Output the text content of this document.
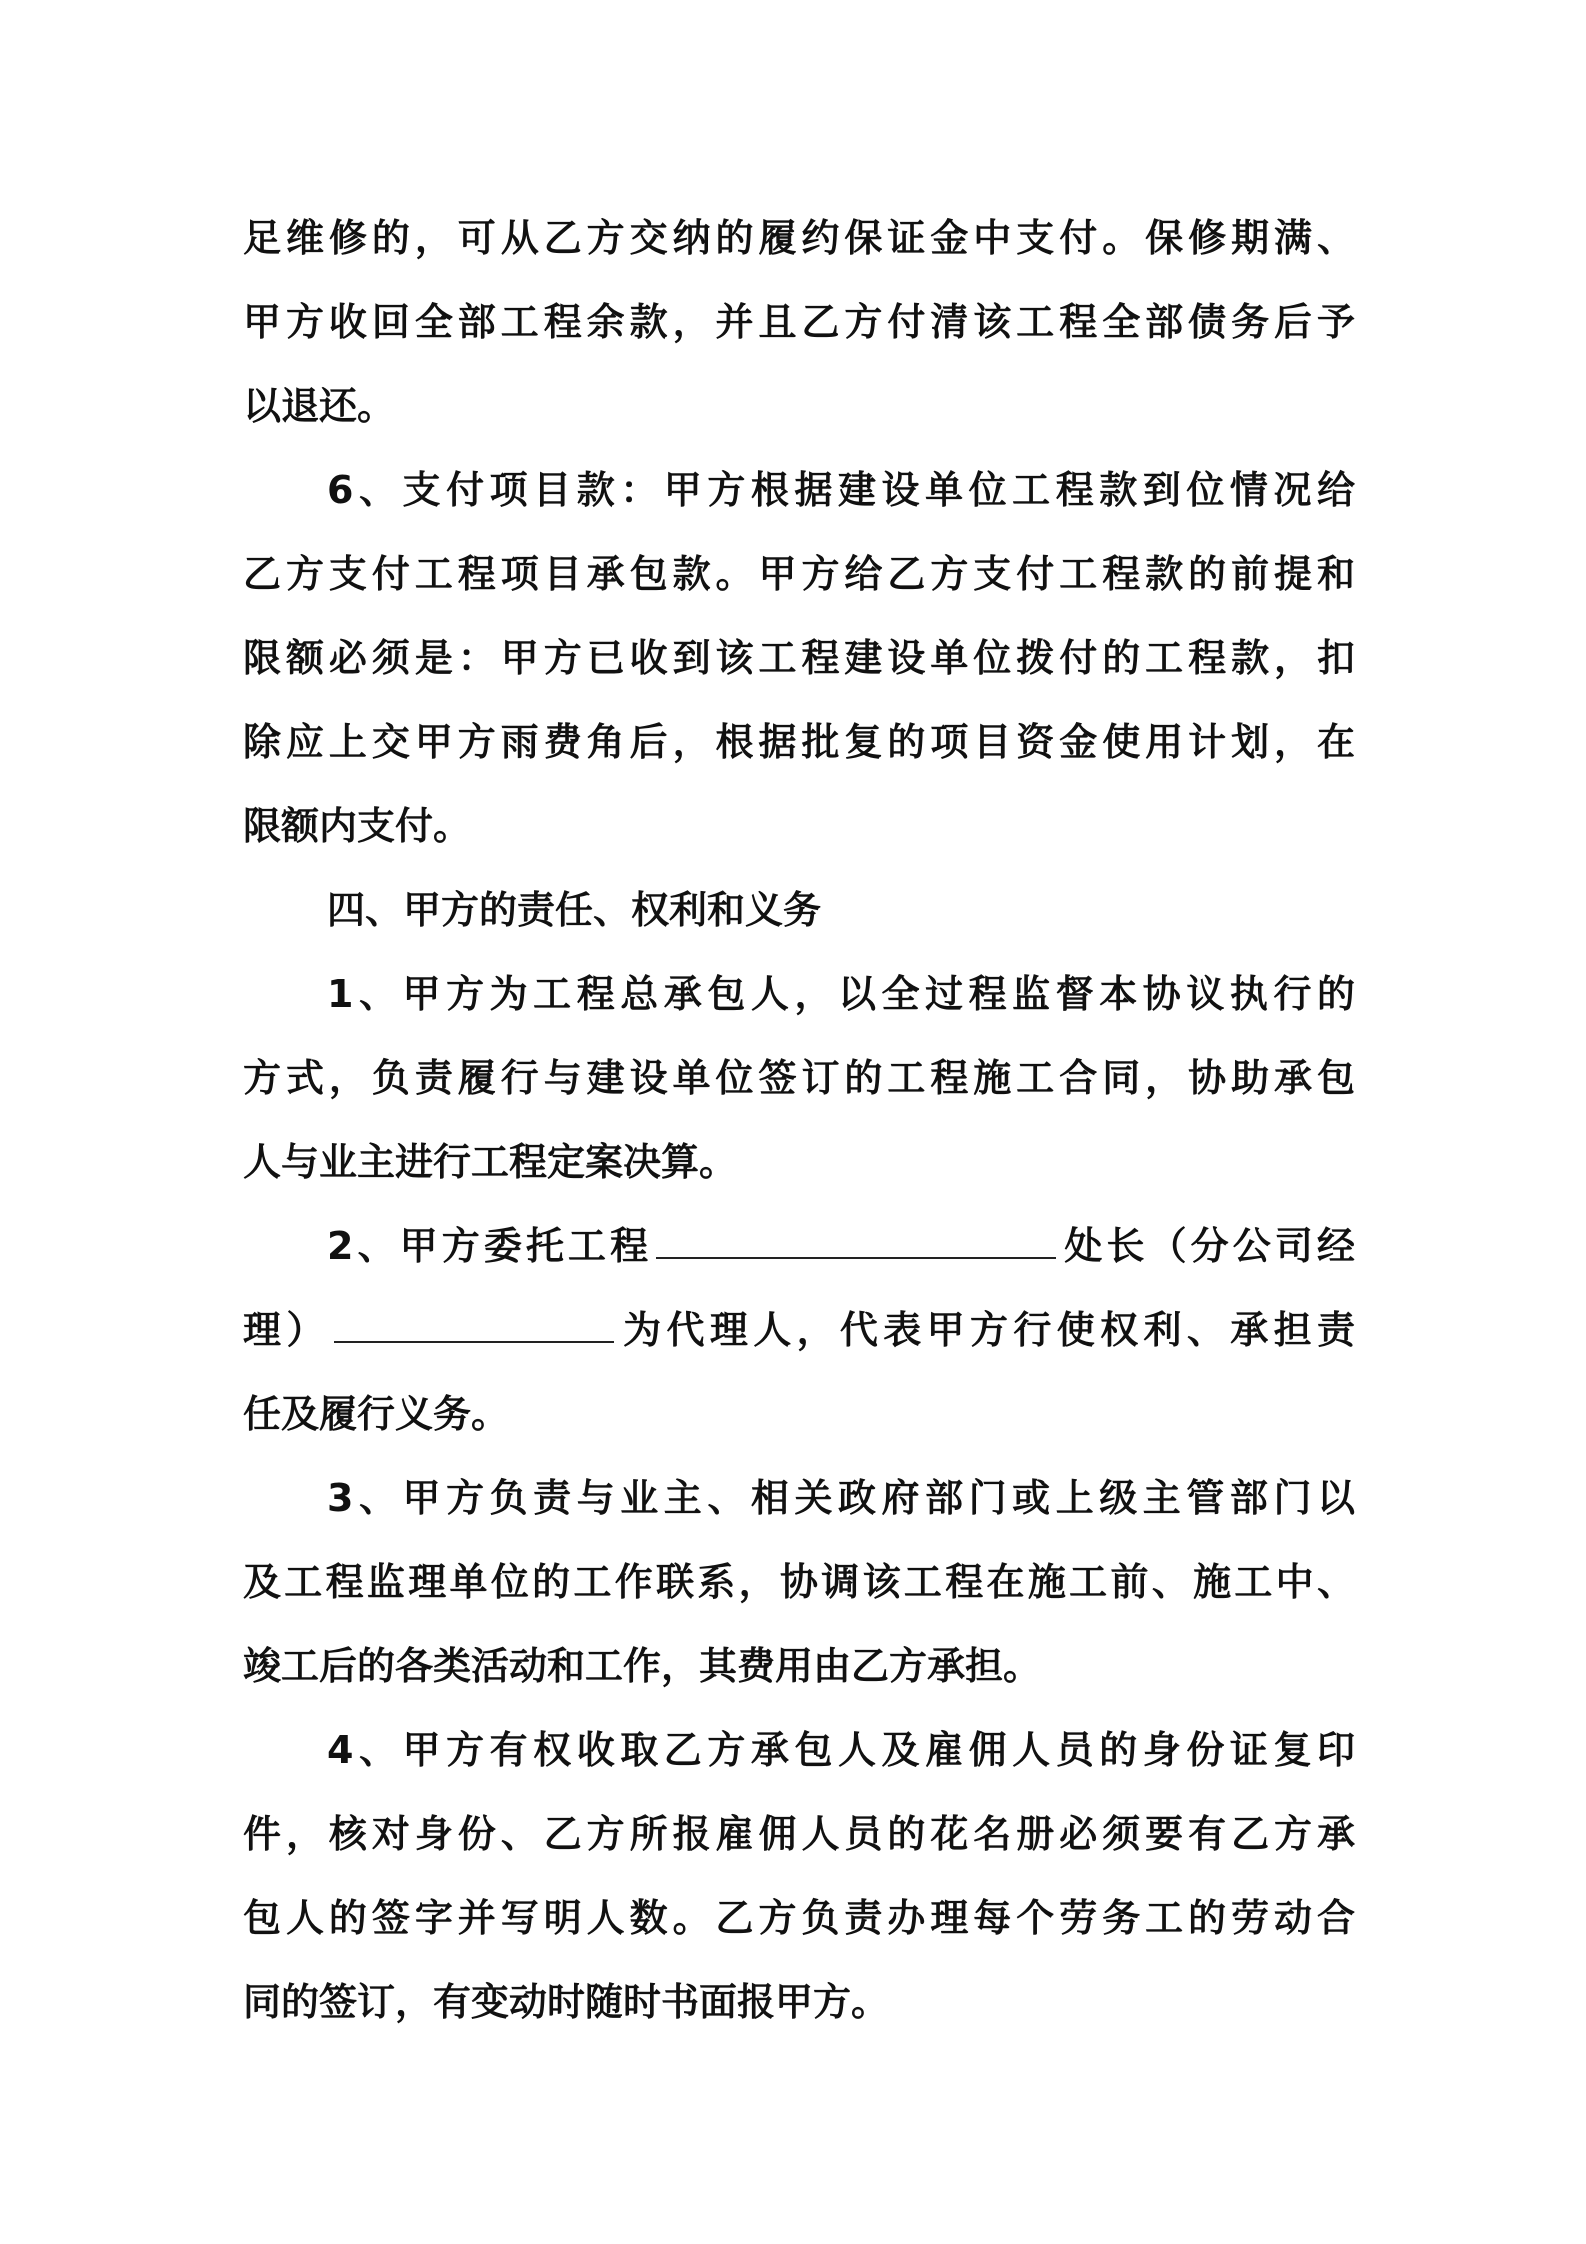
足维修的，可从乙方交纳的履约保证金中支付。保修期满、
甲方收回全部工程余款，并且乙方付清该工程全部债务后予
以退还。
6、支付项目款：甲方根据建设单位工程款到位情况给
乙方支付工程项目承包款。甲方给乙方支付工程款的前提和
限额必须是：甲方已收到该工程建设单位拨付的工程款，扣
除应上交甲方雨费角后，根据批复的项目资金使用计划，在
限额内支付。
四、甲方的责任、权利和义务
1、甲方为工程总承包人，以全过程监督本协议执行的
方式，负责履行与建设单位签订的工程施工合同，协助承包
人与业主进行工程定案决算。
2、甲方委托工程	处长（分公司经
理）	为代理人，代表甲方行使权利、承担责
任及履行义务。
3、甲方负责与业主、相关政府部门或上级主管部门以
及工程监理单位的工作联系，协调该工程在施工前、施工中、
竣工后的各类活动和工作，其费用由乙方承担。
4、甲方有权收取乙方承包人及雇佣人员的身份证复印
件，核对身份、乙方所报雇佣人员的花名册必须要有乙方承
包人的签字并写明人数。乙方负责办理每个劳务工的劳动合
同的签订，有变动时随时书面报甲方。
